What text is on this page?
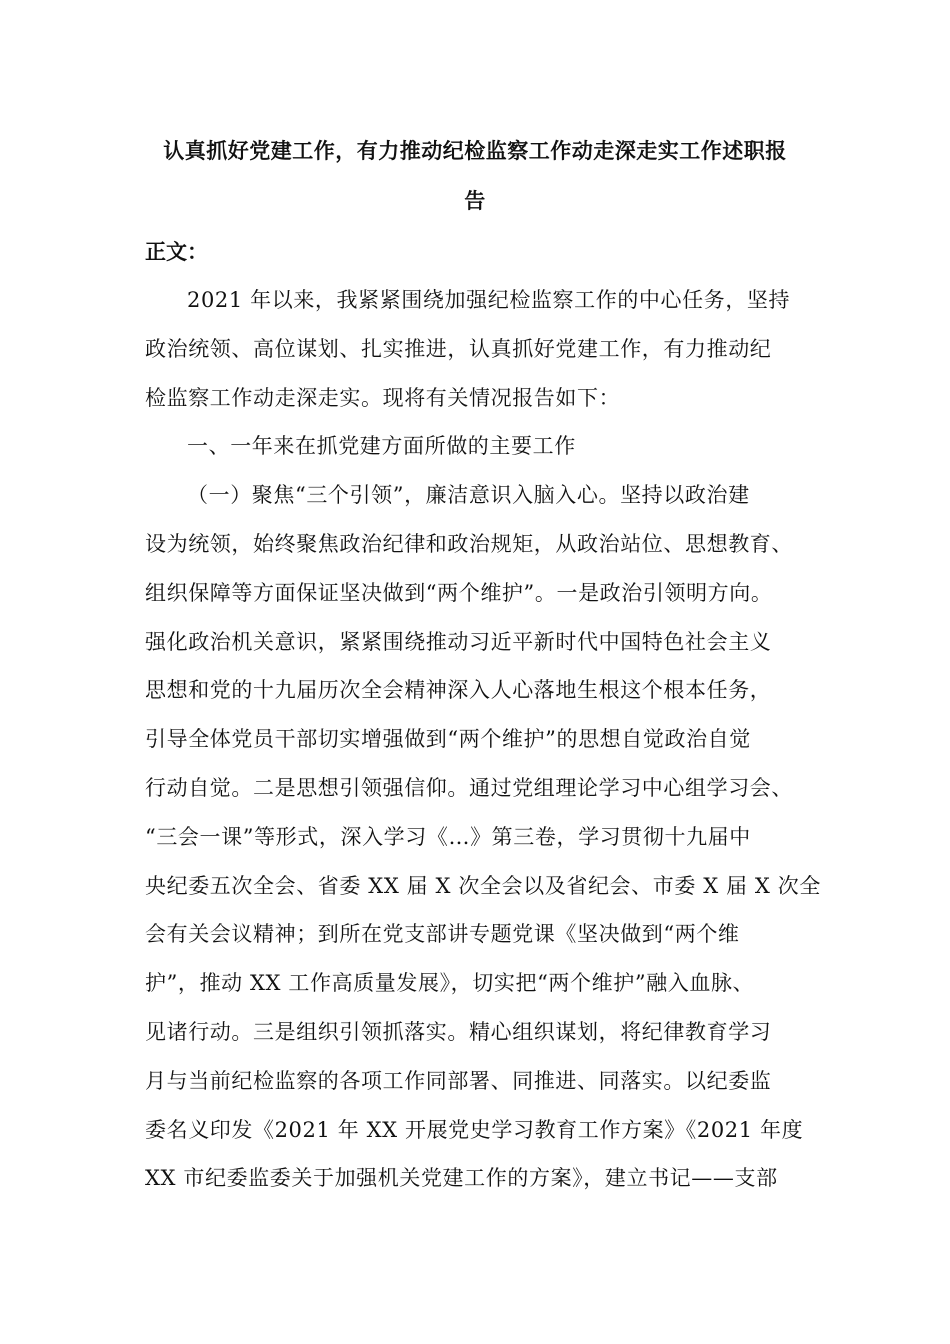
认真抓好党建工作，有力推动纪检监察工作动走深走实工作述职报
告
正文：
2021 年以来，我紧紧围绕加强纪检监察工作的中心任务，坚持
政治统领、高位谋划、扎实推进，认真抓好党建工作，有力推动纪
检监察工作动走深走实。现将有关情况报告如下：
一、一年来在抓党建方面所做的主要工作
（一）聚焦“三个引领”，廉洁意识入脑入心。坚持以政治建
设为统领，始终聚焦政治纪律和政治规矩，从政治站位、思想教育、
组织保障等方面保证坚决做到“两个维护”。一是政治引领明方向。
强化政治机关意识，紧紧围绕推动习近平新时代中国特色社会主义
思想和党的十九届历次全会精神深入人心落地生根这个根本任务，
引导全体党员干部切实增强做到“两个维护”的思想自觉政治自觉
行动自觉。二是思想引领强信仰。通过党组理论学习中心组学习会、
“三会一课”等形式，深入学习《…》第三卷，学习贯彻十九届中
央纪委五次全会、省委 XX 届 X 次全会以及省纪会、市委 X 届 X 次全
会有关会议精神；到所在党支部讲专题党课《坚决做到“两个维
护”，推动 XX 工作高质量发展》，切实把“两个维护”融入血脉、
见诸行动。三是组织引领抓落实。精心组织谋划，将纪律教育学习
月与当前纪检监察的各项工作同部署、同推进、同落实。以纪委监
委名义印发《2021 年 XX 开展党史学习教育工作方案》《2021 年度
XX 市纪委监委关于加强机关党建工作的方案》，建立书记——支部
